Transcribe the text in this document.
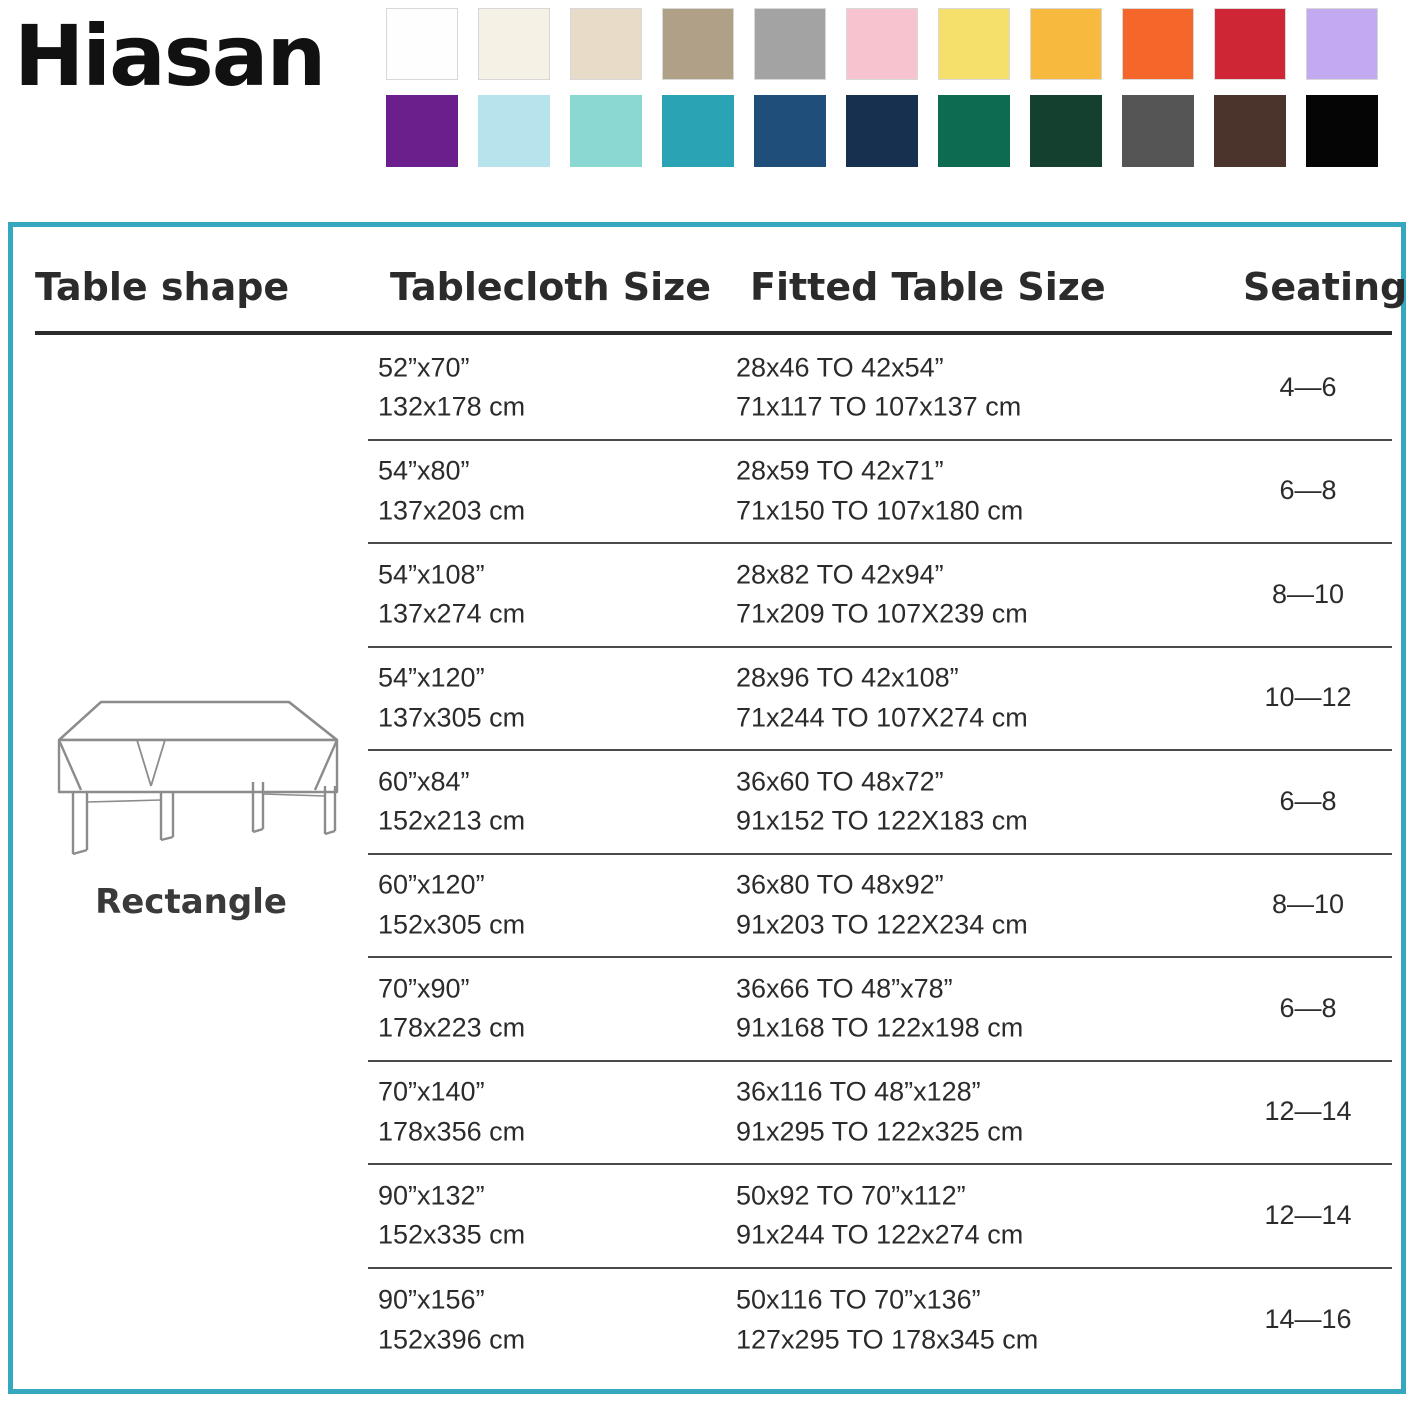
Hiasan
Table shape	Tablecloth Size Fitted Table Size	Seating
Rectangle
52”x70”
132x178 cm
28x46 TO 42x54”
71x117 TO 107x137 cm
4—6
54”x80”
137x203 cm
28x59 TO 42x71”
71x150 TO 107x180 cm
6—8
54”x108”
137x274 cm
28x82 TO 42x94”
71x209 TO 107X239 cm
8—10
54”x120”
137x305 cm
28x96 TO 42x108”
71x244 TO 107X274 cm
10—12
60”x84”
152x213 cm
36x60 TO 48x72”
91x152 TO 122X183 cm
6—8
60”x120”
152x305 cm
36x80 TO 48x92”
91x203 TO 122X234 cm
8—10
70”x90”
178x223 cm
36x66 TO 48”x78”
91x168 TO 122x198 cm
6—8
70”x140”
178x356 cm
36x116 TO 48”x128”
91x295 TO 122x325 cm
12—14
90”x132”
152x335 cm
50x92 TO 70”x112”
91x244 TO 122x274 cm
12—14
90”x156”
152x396 cm
50x116 TO 70”x136”
127x295 TO 178x345 cm
14—16
